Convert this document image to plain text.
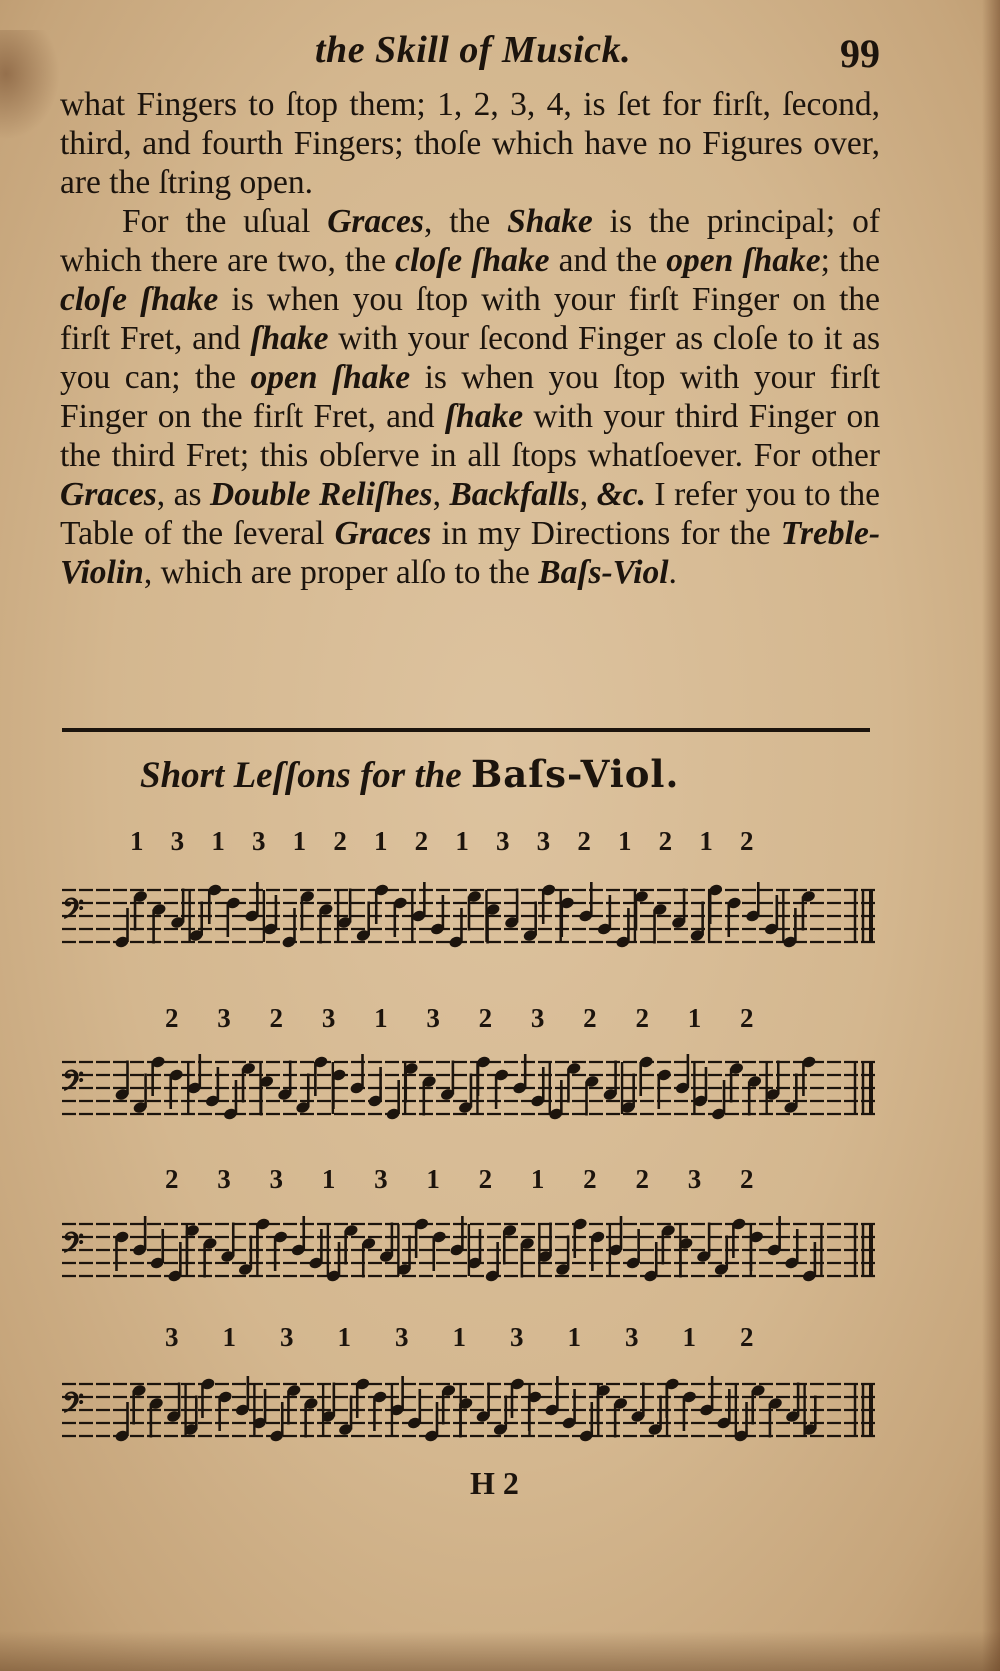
the Skill of Musick.	99

what Fingers to ſtop them; 1, 2, 3, 4, is ſet for firſt, ſecond, third, and fourth Fingers; thoſe which have no Figures over, are the ſtring open.

For the uſual Graces, the Shake is the principal; of which there are two, the cloſe ſhake and the open ſhake; the cloſe ſhake is when you ſtop with your firſt Finger on the firſt Fret, and ſhake with your ſecond Finger as cloſe to it as you can; the open ſhake is when you ſtop with your firſt Finger on the firſt Fret, and ſhake with your third Finger on the third Fret; this obſerve in all ſtops whatſoever. For other Graces, as Double Reliſhes, Backfalls, &c. I refer you to the Table of the ſeveral Graces in my Directions for the Treble-Violin, which are proper alſo to the Baſs-Viol.

Short Leſſons for the Baſs-Viol.
1 3 1 3 1 2 1 2 1 3 3 2 1 2 1 2
𝄢
2 3 2 3 1 3 2 3 2 2 1 2
𝄢
2 3 3 1 3 1 2 1 2 2 3 2
𝄢
3 1 3 1 3 1 3 1 3 1 2
𝄢
H 2
